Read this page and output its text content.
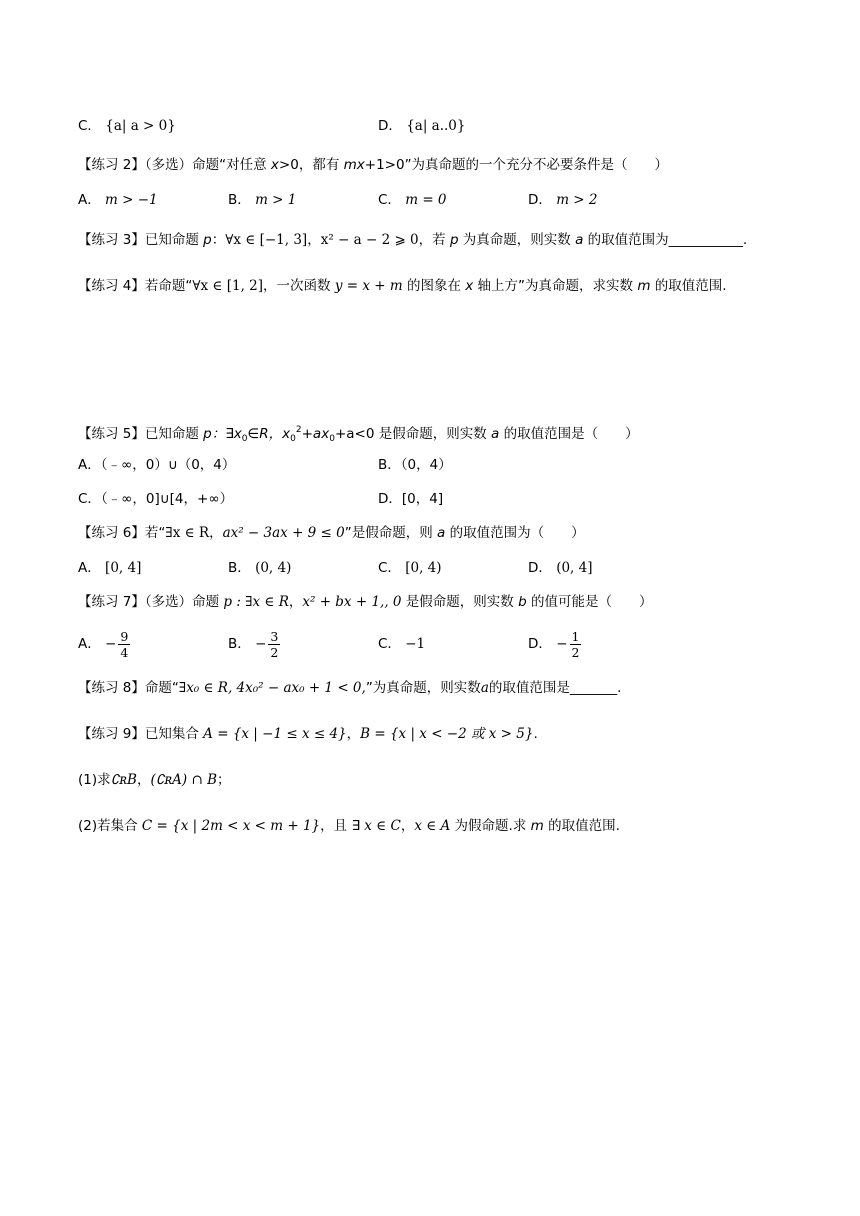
C． {a| a > 0}	D． {a| a..0}
【练习 2】（多选）命题“对任意 x>0，都有 mx+1>0”为真命题的一个充分不必要条件是（　　）
A． m > −1	B． m > 1	C． m = 0	D． m > 2
【练习 3】已知命题 p：∀x ∈ [−1, 3]，x² − a − 2 ⩾ 0，若 p 为真命题，则实数 a 的取值范围为___________.
【练习 4】若命题“∀x ∈ [1, 2]，一次函数 y = x + m 的图象在 x 轴上方”为真命题，求实数 m 的取值范围.
【练习 5】已知命题 p：$\exists x_0\in R$，$x_0^2+ax_0+a<0$ 是假命题，则实数 a 的取值范围是（　　）
A．（﹣∞，0）∪（0，4）	B．（0，4）
C．（﹣∞，0]∪[4，+∞）	D．[0，4]
【练习 6】若“∃x ∈ R，ax² − 3ax + 9 ≤ 0”是假命题，则 a 的取值范围为（　　）
A． [0, 4]	B． (0, 4)	C． [0, 4)	D． (0, 4]
【练习 7】（多选）命题 p : ∃x ∈ R，x² + bx + 1,, 0 是假命题，则实数 b 的值可能是（　　）
A． − $\frac{9}{4}$	B． − $\frac{3}{2}$	C． −1	D． − $\frac{1}{2}$
【练习 8】命题“∃x₀ ∈ R, 4x₀² − ax₀ + 1 < 0,”为真命题，则实数a的取值范围是_______.
【练习 9】已知集合 A = {x | −1 ≤ x ≤ 4}，B = {x | x < −2 或 x > 5}.
(1)求∁ʀB，(∁ʀA) ∩ B；
(2)若集合 C = {x | 2m < x < m + 1}，且 ∃ x ∈ C，x ∈ A 为假命题.求 m 的取值范围.
